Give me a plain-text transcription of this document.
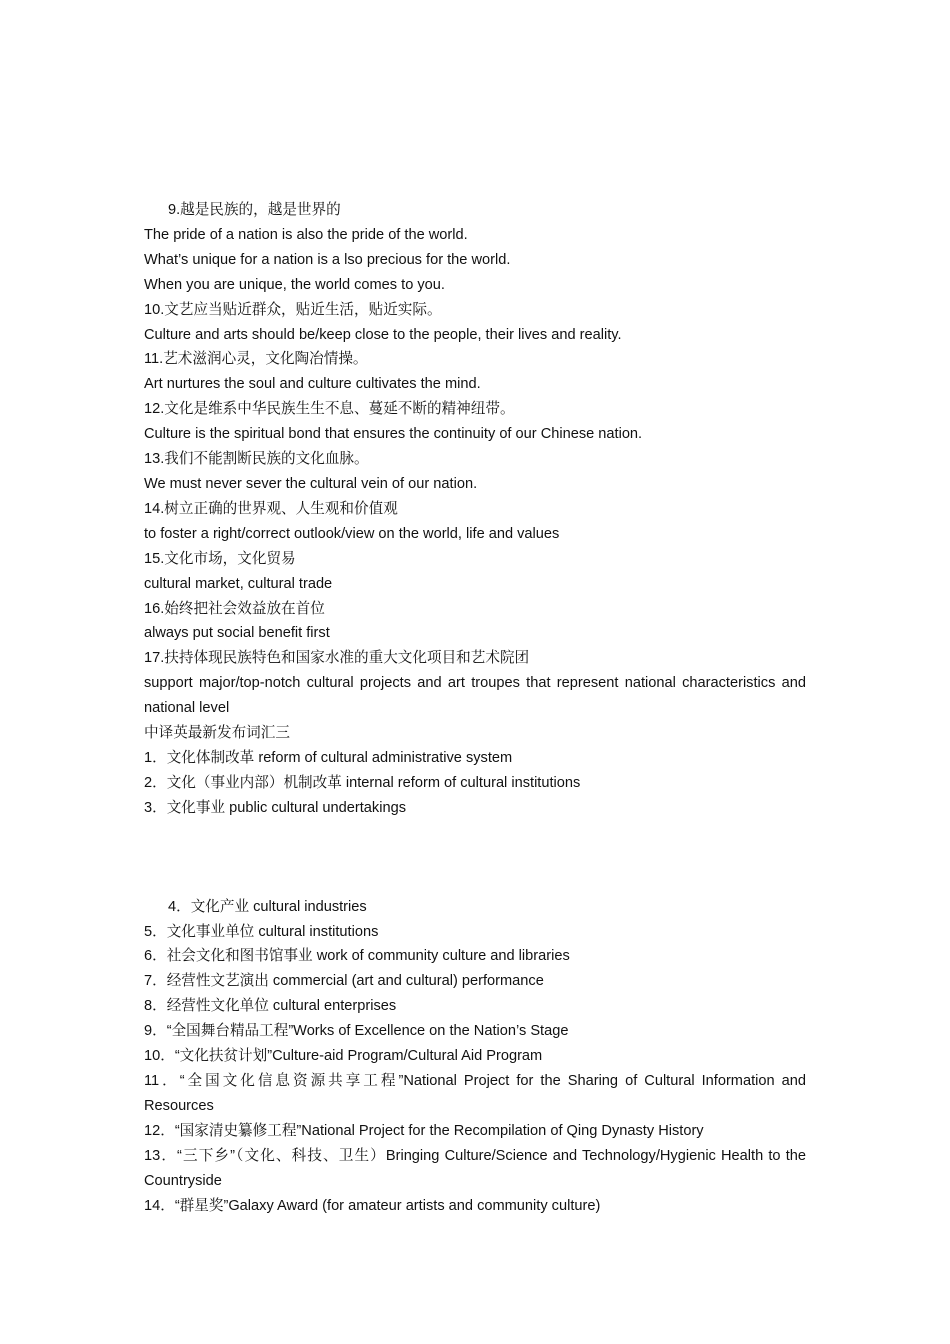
9.越是民族的，越是世界的
The pride of a nation is also the pride of the world.
What’s unique for a nation is a lso precious for the world.
When you are unique, the world comes to you.
10.文艺应当贴近群众，贴近生活，贴近实际。
Culture and arts should be/keep close to the people, their lives and reality.
11.艺术滋润心灵，文化陶冶情操。
Art nurtures the soul and culture cultivates the mind.
12.文化是维系中华民族生生不息、蔓延不断的精神纽带。
Culture is the spiritual bond that ensures the continuity of our Chinese nation.
13.我们不能割断民族的文化血脉。
We must never sever the cultural vein of our nation.
14.树立正确的世界观、人生观和价值观
to foster a right/correct outlook/view on the world, life and values
15.文化市场，文化贸易
cultural market, cultural trade
16.始终把社会效益放在首位
always put social benefit first
17.扶持体现民族特色和国家水准的重大文化项目和艺术院团
support major/top-notch cultural projects and art troupes that represent national characteristics and national level
中译英最新发布词汇三
1．文化体制改革 reform of cultural administrative system
2．文化（事业内部）机制改革 internal reform of cultural institutions
3．文化事业 public cultural undertakings
4．文化产业 cultural industries
5．文化事业单位 cultural institutions
6．社会文化和图书馆事业 work of community culture and libraries
7．经营性文艺演出 commercial (art and cultural) performance
8．经营性文化单位 cultural enterprises
9．“全国舞台精品工程”Works of Excellence on the Nation’s Stage
10．“文化扶贫计划”Culture-aid Program/Cultural Aid Program
11．“全国文化信息资源共享工程”National Project for the Sharing of Cultural Information and Resources
12．“国家清史纂修工程”National Project for the Recompilation of Qing Dynasty History
13．“三下乡”（文化、科技、卫生）Bringing Culture/Science and Technology/Hygienic Health to the Countryside
14．“群星奖”Galaxy Award (for amateur artists and community culture)
